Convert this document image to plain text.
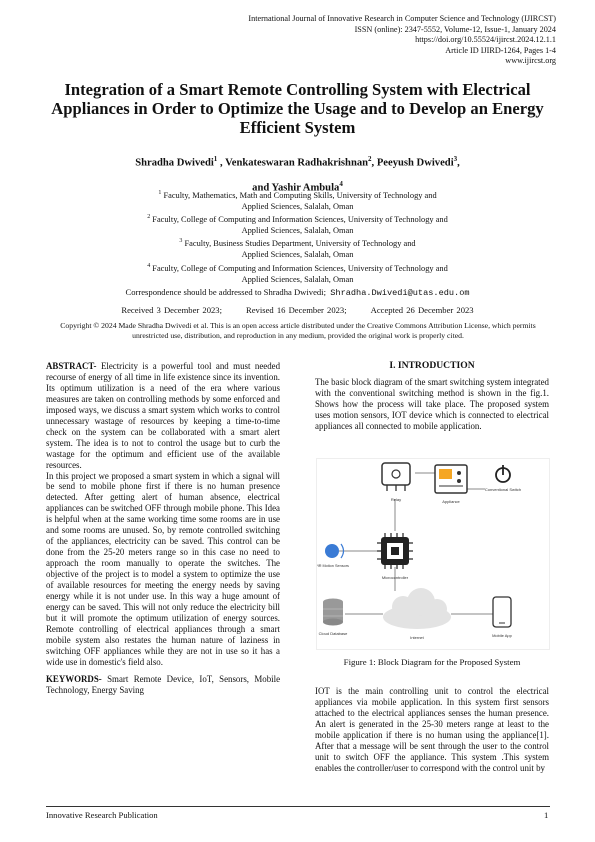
International Journal of Innovative Research in Computer Science and Technology (IJIRCST)
ISSN (online): 2347-5552, Volume-12, Issue-1, January 2024
https://doi.org/10.55524/ijircst.2024.12.1.1
Article ID IJIRD-1264, Pages 1-4
www.ijircst.org
Integration of a Smart Remote Controlling System with Electrical Appliances in Order to Optimize the Usage and to Develop an Energy Efficient System
Shradha Dwivedi$^1$ , Venkateswaran Radhakrishnan$^2$, Peeyush Dwivedi$^3$,
and Yashir Ambula$^4$
$^1$ Faculty, Mathematics, Math and Computing Skills, University of Technology and
Applied Sciences, Salalah, Oman
$^2$ Faculty, College of Computing and Information Sciences, University of Technology and
Applied Sciences, Salalah, Oman
$^3$ Faculty, Business Studies Department, University of Technology and
Applied Sciences, Salalah, Oman
$^4$ Faculty, College of Computing and Information Sciences, University of Technology and
Applied Sciences, Salalah, Oman
Correspondence should be addressed to Shradha Dwivedi; Shradha.Dwivedi@utas.edu.om
Received 3 December 2023;	Revised 16 December 2023;	Accepted 26 December 2023
Copyright © 2024 Made Shradha Dwivedi et al. This is an open access article distributed under the Creative Commons Attribution License, which permits unrestricted use, distribution, and reproduction in any medium, provided the original work is properly cited.

ABSTRACT- Electricity is a powerful tool and must needed recourse of energy of all time in life existence since its invention. Its optimum utilization is a need of the era where various measures are taken on controlling methods by some enforced and imposed ways, we discuss a smart system which works to control unnecessary wastage of resources by keeping a time-to-time check on the system can be collaborated with a smart alert system. The idea is to not to control the usage but to curb the wastage for the optimum and efficient use of the available resources.

In this project we proposed a smart system in which a signal will be send to mobile phone first if there is no human presence detected. After getting alert of human absence, electrical appliances can be switched OFF through mobile phone. This Idea is helpful when at the same working time some rooms are in use and some rooms are unused. So, by remote controlled switching of the appliances, electricity can be saved. This control can be done from the 25-20 meters range so in this case no need to approach the room manually to operate the switches. The objective of the project is to model a system to optimize the use of available resources for meeting the energy needs by saving energy while it is not under use. In this way a huge amount of energy can be saved. This will not only reduce the electricity bill but it will promote the optimum utilization of energy sources. Remote controlling of electrical appliances through a smart mobile system also restates the human nature of laziness in switching OFF appliances while they are not in use so it has a wide use in domestic's field also.

KEYWORDS- Smart Remote Device, IoT, Sensors, Mobile Technology, Energy Saving

I. INTRODUCTION

The basic block diagram of the smart switching system integrated with the conventional switching method is shown in the fig.1. Shows how the process will take place. The proposed system uses motion sensors, IOT device which is connected to electrical appliances all connected to mobile application.

Relay	Appliance
Conventional Switch
PIR Motion Sensors
Microcontroller
Cloud Database
Internet	Mobile App
Figure 1: Block Diagram for the Proposed System

IOT is the main controlling unit to control the electrical appliances via mobile application. In this system first sensors attached to the electrical appliances senses the human presence. An alert is generated in the 25-30 meters range at least to the mobile application if there is no human using the appliance[1]. After that a message will be sent through the user to the control unit to switch OFF the appliance. This system .This system enables the controller/user to correspond with the control unit by

Innovative Research Publication	1
